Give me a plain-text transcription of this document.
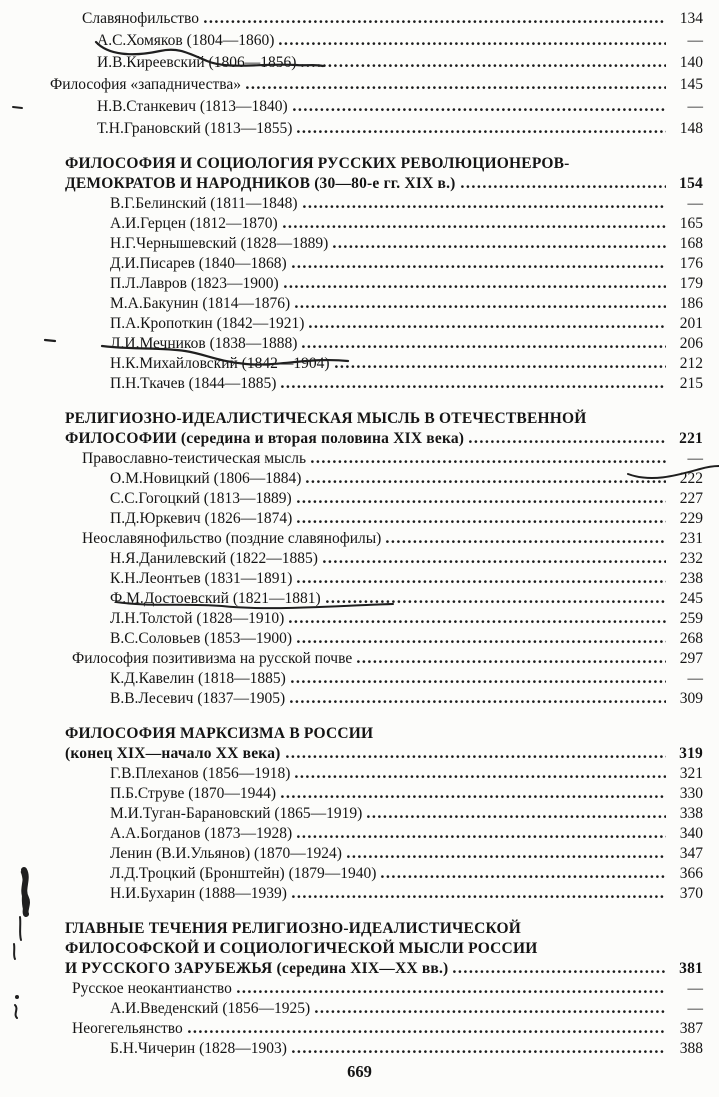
Славянофильство	134
А.С.Хомяков (1804—1860)	—
И.В.Киреевский (1806—1856)	140
Философия «западничества»	145
Н.В.Станкевич (1813—1840)	—
Т.Н.Грановский (1813—1855)	148
ФИЛОСОФИЯ И СОЦИОЛОГИЯ РУССКИХ РЕВОЛЮЦИОНЕРОВ-
ДЕМОКРАТОВ И НАРОДНИКОВ (30—80-е гг. XIX в.)	154
В.Г.Белинский (1811—1848)	—
А.И.Герцен (1812—1870)	165
Н.Г.Чернышевский (1828—1889)	168
Д.И.Писарев (1840—1868)	176
П.Л.Лавров (1823—1900)	179
М.А.Бакунин (1814—1876)	186
П.А.Кропоткин (1842—1921)	201
Л.И.Мечников (1838—1888)	206
Н.К.Михайловский (1842—1904)	212
П.Н.Ткачев (1844—1885)	215
РЕЛИГИОЗНО-ИДЕАЛИСТИЧЕСКАЯ МЫСЛЬ В ОТЕЧЕСТВЕННОЙ
ФИЛОСОФИИ (середина и вторая половина XIX века)	221
Православно-теистическая мысль	—
О.М.Новицкий (1806—1884)	222
С.С.Гогоцкий (1813—1889)	227
П.Д.Юркевич (1826—1874)	229
Неославянофильство (поздние славянофилы)	231
Н.Я.Данилевский (1822—1885)	232
К.Н.Леонтьев (1831—1891)	238
Ф.М.Достоевский (1821—1881)	245
Л.Н.Толстой (1828—1910)	259
В.С.Соловьев (1853—1900)	268
Философия позитивизма на русской почве	297
К.Д.Кавелин (1818—1885)	—
В.В.Лесевич (1837—1905)	309
ФИЛОСОФИЯ МАРКСИЗМА В РОССИИ
(конец XIX—начало XX века)	319
Г.В.Плеханов (1856—1918)	321
П.Б.Струве (1870—1944)	330
М.И.Туган-Барановский (1865—1919)	338
А.А.Богданов (1873—1928)	340
Ленин (В.И.Ульянов) (1870—1924)	347
Л.Д.Троцкий (Бронштейн) (1879—1940)	366
Н.И.Бухарин (1888—1939)	370
ГЛАВНЫЕ ТЕЧЕНИЯ РЕЛИГИОЗНО-ИДЕАЛИСТИЧЕСКОЙ
ФИЛОСОФСКОЙ И СОЦИОЛОГИЧЕСКОЙ МЫСЛИ РОССИИ
И РУССКОГО ЗАРУБЕЖЬЯ (середина XIX—XX вв.)	381
Русское неокантианство	—
А.И.Введенский (1856—1925)	—
Неогегельянство	387
Б.Н.Чичерин (1828—1903)	388
669
